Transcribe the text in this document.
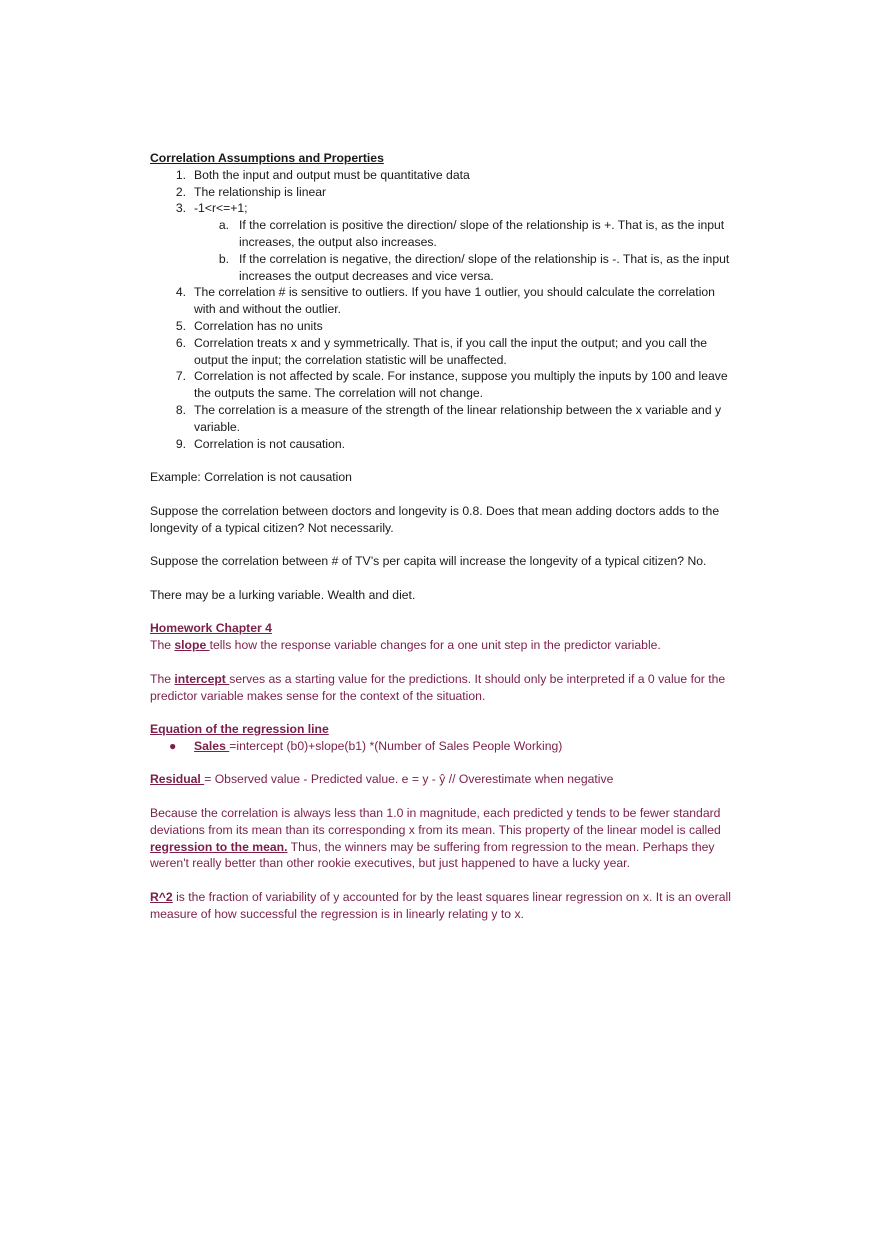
Correlation Assumptions and Properties
1. Both the input and output must be quantitative data
2. The relationship is linear
3. -1<r<=+1;
a. If the correlation is positive the direction/ slope of the relationship is +. That is, as the input increases, the output also increases.
b. If the correlation is negative, the direction/ slope of the relationship is -. That is, as the input increases the output decreases and vice versa.
4. The correlation # is sensitive to outliers. If you have 1 outlier, you should calculate the correlation with and without the outlier.
5. Correlation has no units
6. Correlation treats x and y symmetrically. That is, if you call the input the output; and you call the output the input; the correlation statistic will be unaffected.
7. Correlation is not affected by scale. For instance, suppose you multiply the inputs by 100 and leave the outputs the same. The correlation will not change.
8. The correlation is a measure of the strength of the linear relationship between the x variable and y variable.
9. Correlation is not causation.

Example: Correlation is not causation

Suppose the correlation between doctors and longevity is 0.8. Does that mean adding doctors adds to the longevity of a typical citizen? Not necessarily.

Suppose the correlation between # of TV’s per capita will increase the longevity of a typical citizen? No.

There may be a lurking variable. Wealth and diet.

Homework Chapter 4

The slope tells how the response variable changes for a one unit step in the predictor variable.

The intercept serves as a starting value for the predictions. It should only be interpreted if a 0 value for the predictor variable makes sense for the context of the situation.

Equation of the regression line
● Sales =intercept (b0)+slope(b1) *(Number of Sales People Working)

Residual = Observed value - Predicted value. e = y - ŷ // Overestimate when negative

Because the correlation is always less than 1.0 in magnitude, each predicted y tends to be fewer standard deviations from its mean than its corresponding x from its mean. This property of the linear model is called regression to the mean. Thus, the winners may be suffering from regression to the mean. Perhaps they weren't really better than other rookie executives, but just happened to have a lucky year.

R^2 is the fraction of variability of y accounted for by the least squares linear regression on x. It is an overall measure of how successful the regression is in linearly relating y to x.
